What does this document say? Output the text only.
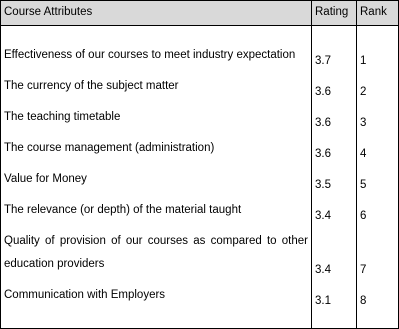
Course Attributes	Rating	Rank

Effectiveness of our courses to meet industry expectation	3.7	1

The currency of the subject matter	3.6	2

The teaching timetable	3.6	3

The course management (administration)	3.6	4

Value for Money	3.5	5

The relevance (or depth) of the material taught	3.4	6

Quality of provision of our courses as compared to other education providers	3.4	7

Communication with Employers	3.1	8
